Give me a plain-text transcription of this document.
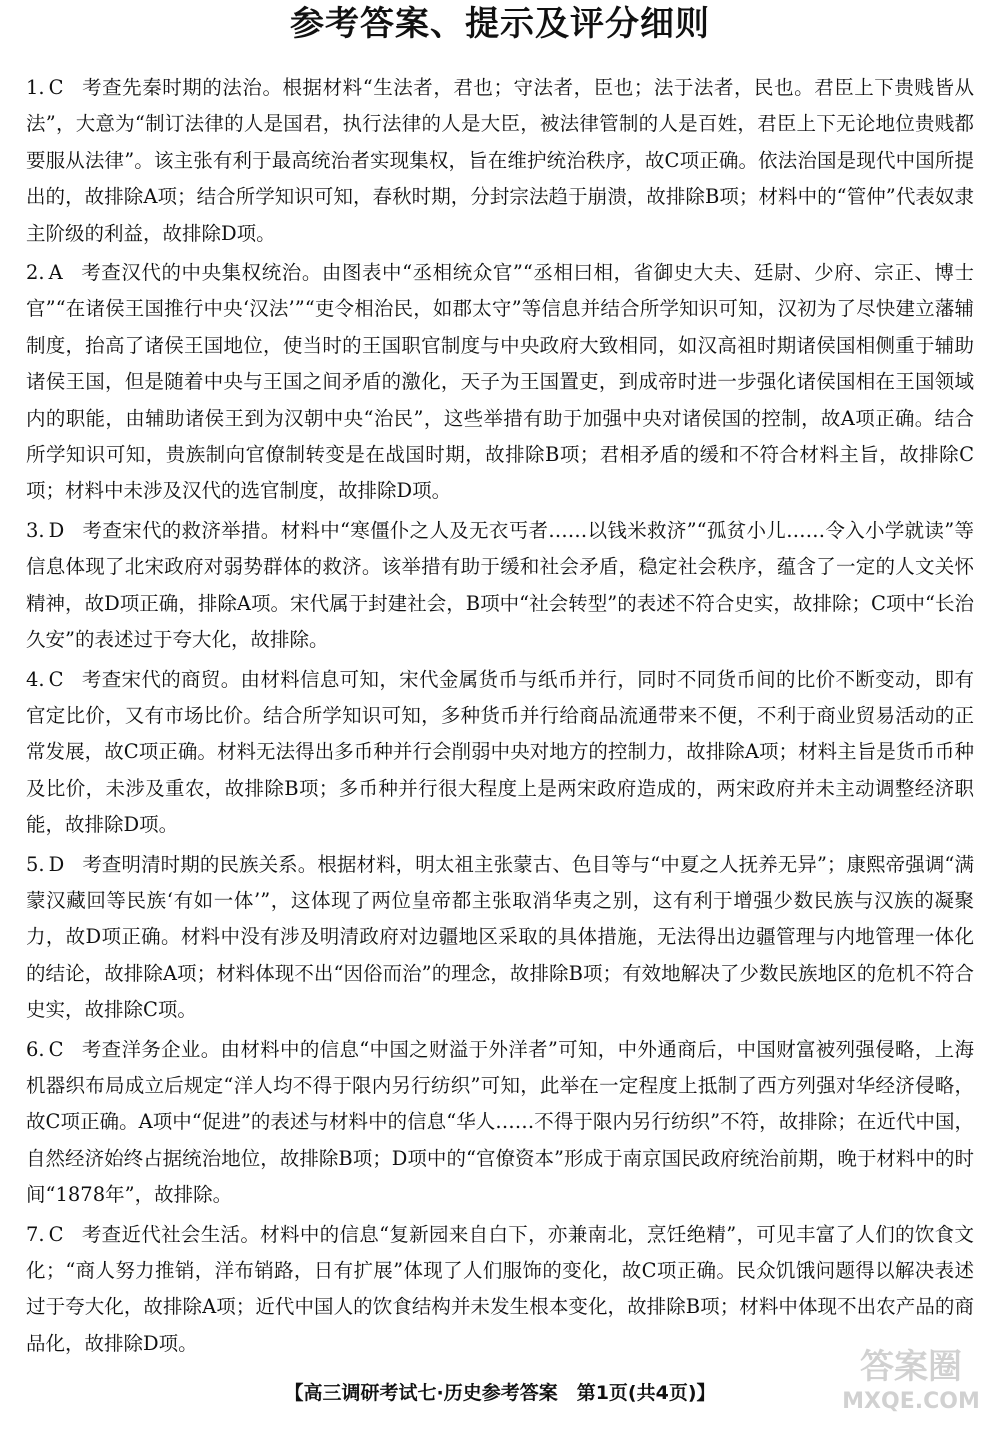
参考答案、提示及评分细则

1. C 考查先秦时期的法治。根据材料“生法者，君也；守法者，臣也；法于法者，民也。君臣上下贵贱皆从法”，大意为“制订法律的人是国君，执行法律的人是大臣，被法律管制的人是百姓，君臣上下无论地位贵贱都要服从法律”。该主张有利于最高统治者实现集权，旨在维护统治秩序，故C项正确。依法治国是现代中国所提出的，故排除A项；结合所学知识可知，春秋时期，分封宗法趋于崩溃，故排除B项；材料中的“管仲”代表奴隶主阶级的利益，故排除D项。

2. A 考查汉代的中央集权统治。由图表中“丞相统众官”“丞相曰相，省御史大夫、廷尉、少府、宗正、博士官”“在诸侯王国推行中央‘汉法’”“吏令相治民，如郡太守”等信息并结合所学知识可知，汉初为了尽快建立藩辅制度，抬高了诸侯王国地位，使当时的王国职官制度与中央政府大致相同，如汉高祖时期诸侯国相侧重于辅助诸侯王国，但是随着中央与王国之间矛盾的激化，天子为王国置吏，到成帝时进一步强化诸侯国相在王国领域内的职能，由辅助诸侯王到为汉朝中央“治民”，这些举措有助于加强中央对诸侯国的控制，故A项正确。结合所学知识可知，贵族制向官僚制转变是在战国时期，故排除B项；君相矛盾的缓和不符合材料主旨，故排除C项；材料中未涉及汉代的选官制度，故排除D项。

3. D 考查宋代的救济举措。材料中“寒僵仆之人及无衣丐者……以钱米救济”“孤贫小儿……令入小学就读”等信息体现了北宋政府对弱势群体的救济。该举措有助于缓和社会矛盾，稳定社会秩序，蕴含了一定的人文关怀精神，故D项正确，排除A项。宋代属于封建社会，B项中“社会转型”的表述不符合史实，故排除；C项中“长治久安”的表述过于夸大化，故排除。

4. C 考查宋代的商贸。由材料信息可知，宋代金属货币与纸币并行，同时不同货币间的比价不断变动，即有官定比价，又有市场比价。结合所学知识可知，多种货币并行给商品流通带来不便，不利于商业贸易活动的正常发展，故C项正确。材料无法得出多币种并行会削弱中央对地方的控制力，故排除A项；材料主旨是货币币种及比价，未涉及重农，故排除B项；多币种并行很大程度上是两宋政府造成的，两宋政府并未主动调整经济职能，故排除D项。

5. D 考查明清时期的民族关系。根据材料，明太祖主张蒙古、色目等与“中夏之人抚养无异”；康熙帝强调“满蒙汉藏回等民族‘有如一体’”，这体现了两位皇帝都主张取消华夷之别，这有利于增强少数民族与汉族的凝聚力，故D项正确。材料中没有涉及明清政府对边疆地区采取的具体措施，无法得出边疆管理与内地管理一体化的结论，故排除A项；材料体现不出“因俗而治”的理念，故排除B项；有效地解决了少数民族地区的危机不符合史实，故排除C项。

6. C 考查洋务企业。由材料中的信息“中国之财溢于外洋者”可知，中外通商后，中国财富被列强侵略，上海机器织布局成立后规定“洋人均不得于限内另行纺织”可知，此举在一定程度上抵制了西方列强对华经济侵略，故C项正确。A项中“促进”的表述与材料中的信息“华人……不得于限内另行纺织”不符，故排除；在近代中国，自然经济始终占据统治地位，故排除B项；D项中的“官僚资本”形成于南京国民政府统治前期，晚于材料中的时间“1878年”，故排除。

7. C 考查近代社会生活。材料中的信息“复新园来自白下，亦兼南北，烹饪绝精”，可见丰富了人们的饮食文化；“商人努力推销，洋布销路，日有扩展”体现了人们服饰的变化，故C项正确。民众饥饿问题得以解决表述过于夸大化，故排除A项；近代中国人的饮食结构并未发生根本变化，故排除B项；材料中体现不出农产品的商品化，故排除D项。

【高三调研考试七·历史参考答案　第1页(共4页)】
答案圈
MXQE.COM
